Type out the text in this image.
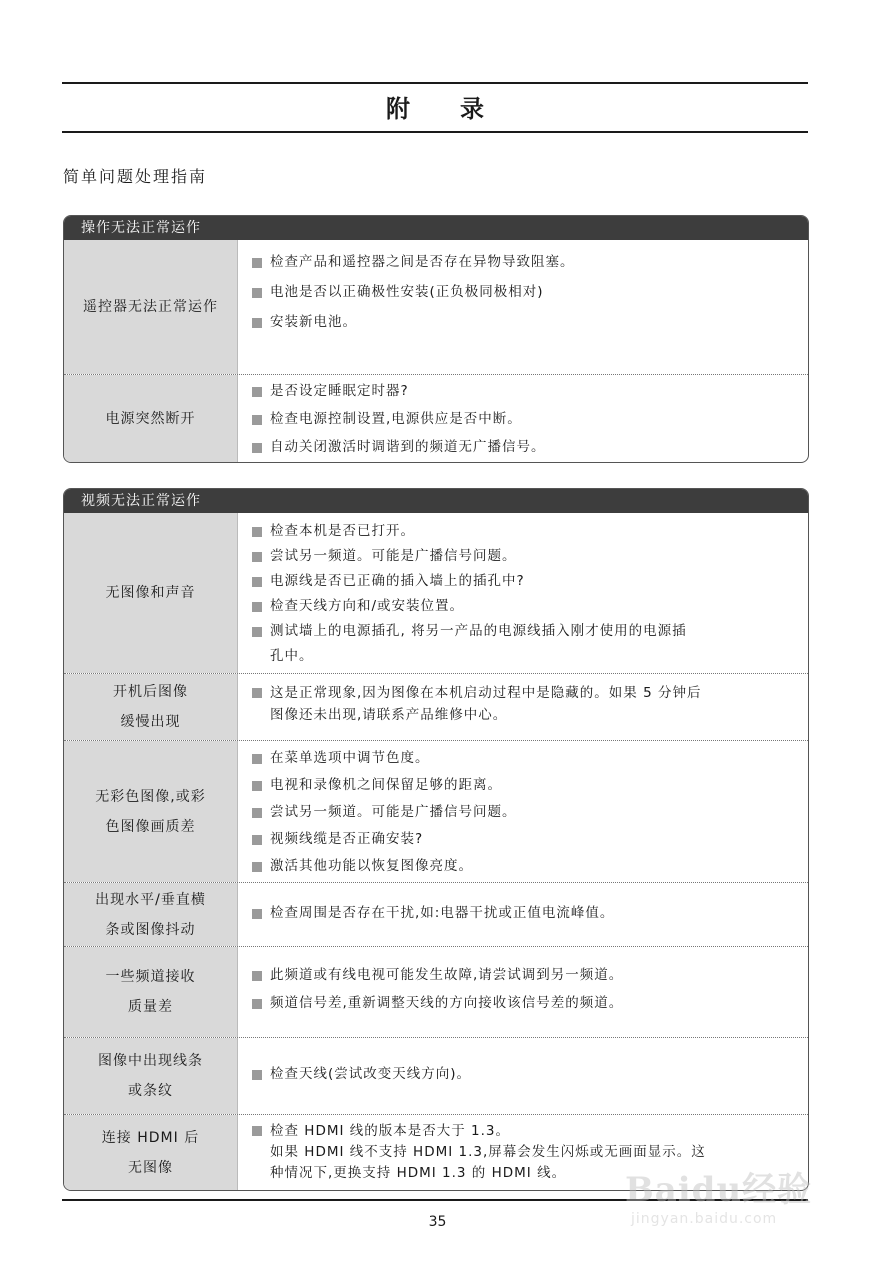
附录
简单问题处理指南
操作无法正常运作
遥控器无法正常运作
检查产品和遥控器之间是否存在异物导致阻塞。
电池是否以正确极性安装(正负极同极相对)
安装新电池。
电源突然断开
是否设定睡眠定时器?
检查电源控制设置,电源供应是否中断。
自动关闭激活时调谐到的频道无广播信号。
视频无法正常运作
无图像和声音
检查本机是否已打开。
尝试另一频道。可能是广播信号问题。
电源线是否已正确的插入墙上的插孔中?
检查天线方向和/或安装位置。
测试墙上的电源插孔, 将另一产品的电源线插入刚才使用的电源插
孔中。
开机后图像
缓慢出现
这是正常现象,因为图像在本机启动过程中是隐藏的。如果 5 分钟后
图像还未出现,请联系产品维修中心。
无彩色图像,或彩
色图像画质差
在菜单选项中调节色度。
电视和录像机之间保留足够的距离。
尝试另一频道。可能是广播信号问题。
视频线缆是否正确安装?
激活其他功能以恢复图像亮度。
出现水平/垂直横
条或图像抖动
检查周围是否存在干扰,如:电器干扰或正值电流峰值。
一些频道接收
质量差
此频道或有线电视可能发生故障,请尝试调到另一频道。
频道信号差,重新调整天线的方向接收该信号差的频道。
图像中出现线条
或条纹
检查天线(尝试改变天线方向)。
连接 HDMI 后
无图像
检查 HDMI 线的版本是否大于 1.3。
如果 HDMI 线不支持 HDMI 1.3,屏幕会发生闪烁或无画面显示。这
种情况下,更换支持 HDMI 1.3 的 HDMI 线。
35
Baidu经验
jingyan.baidu.com
